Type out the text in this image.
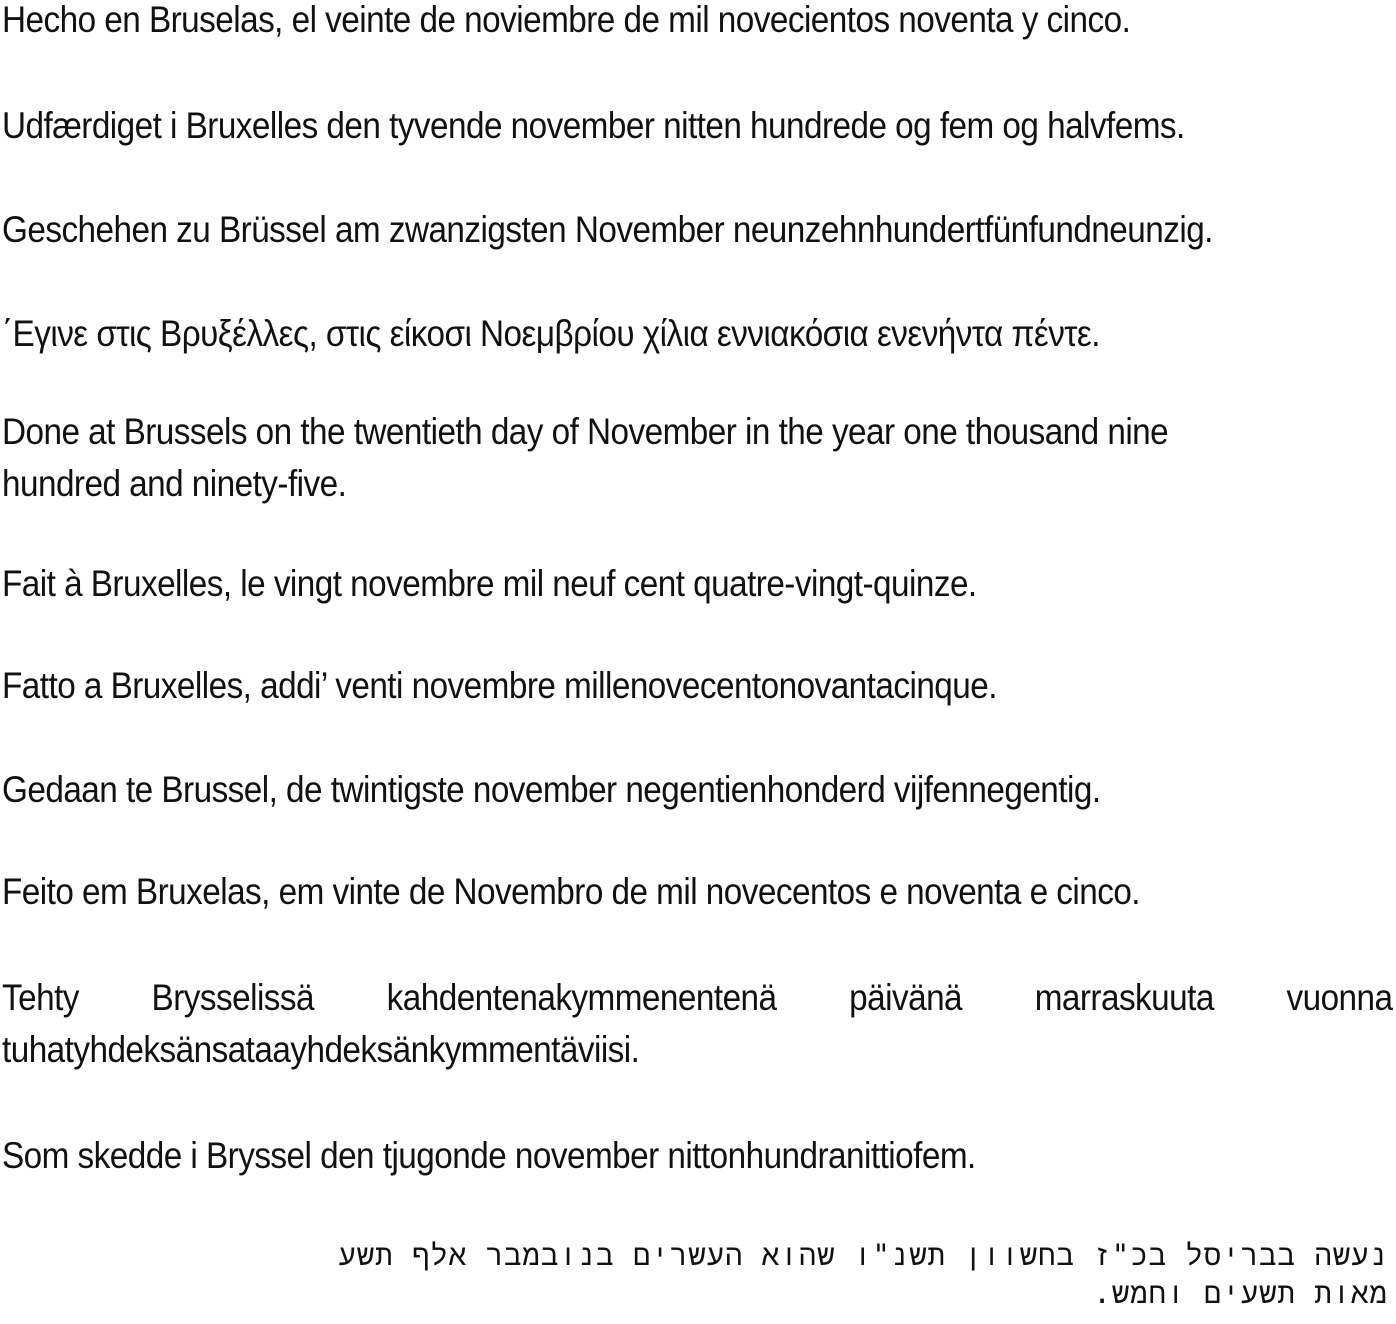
Hecho en Bruselas, el veinte de noviembre de mil novecientos noventa y cinco.

Udfærdiget i Bruxelles den tyvende november nitten hundrede og fem og halvfems.

Geschehen zu Brüssel am zwanzigsten November neunzehnhundertfünfundneunzig.

΄Εγινε στις Βρυξέλλες, στις είκοσι Νοεμβρίου χίλια εννιακόσια ενενήντα πέντε.

Done at Brussels on the twentieth day of November in the year one thousand nine
hundred and ninety-five.

Fait à Bruxelles, le vingt novembre mil neuf cent quatre-vingt-quinze.

Fatto a Bruxelles, addi’ venti novembre millenovecentonovantacinque.

Gedaan te Brussel, de twintigste november negentienhonderd vijfennegentig.

Feito em Bruxelas, em vinte de Novembro de mil novecentos e noventa e cinco.

Tehty Brysselissä kahdentenakymmenentenä päivänä marraskuuta vuonna
tuhatyhdeksänsataayhdeksänkymmentäviisi.

Som skedde i Bryssel den tjugonde november nittonhundranittiofem.

נעשה בבריסל בכ"ז בחשוון תשנ"ו שהוא העשרים בנובמבר אלף תשע
מאות תשעים וחמש.
